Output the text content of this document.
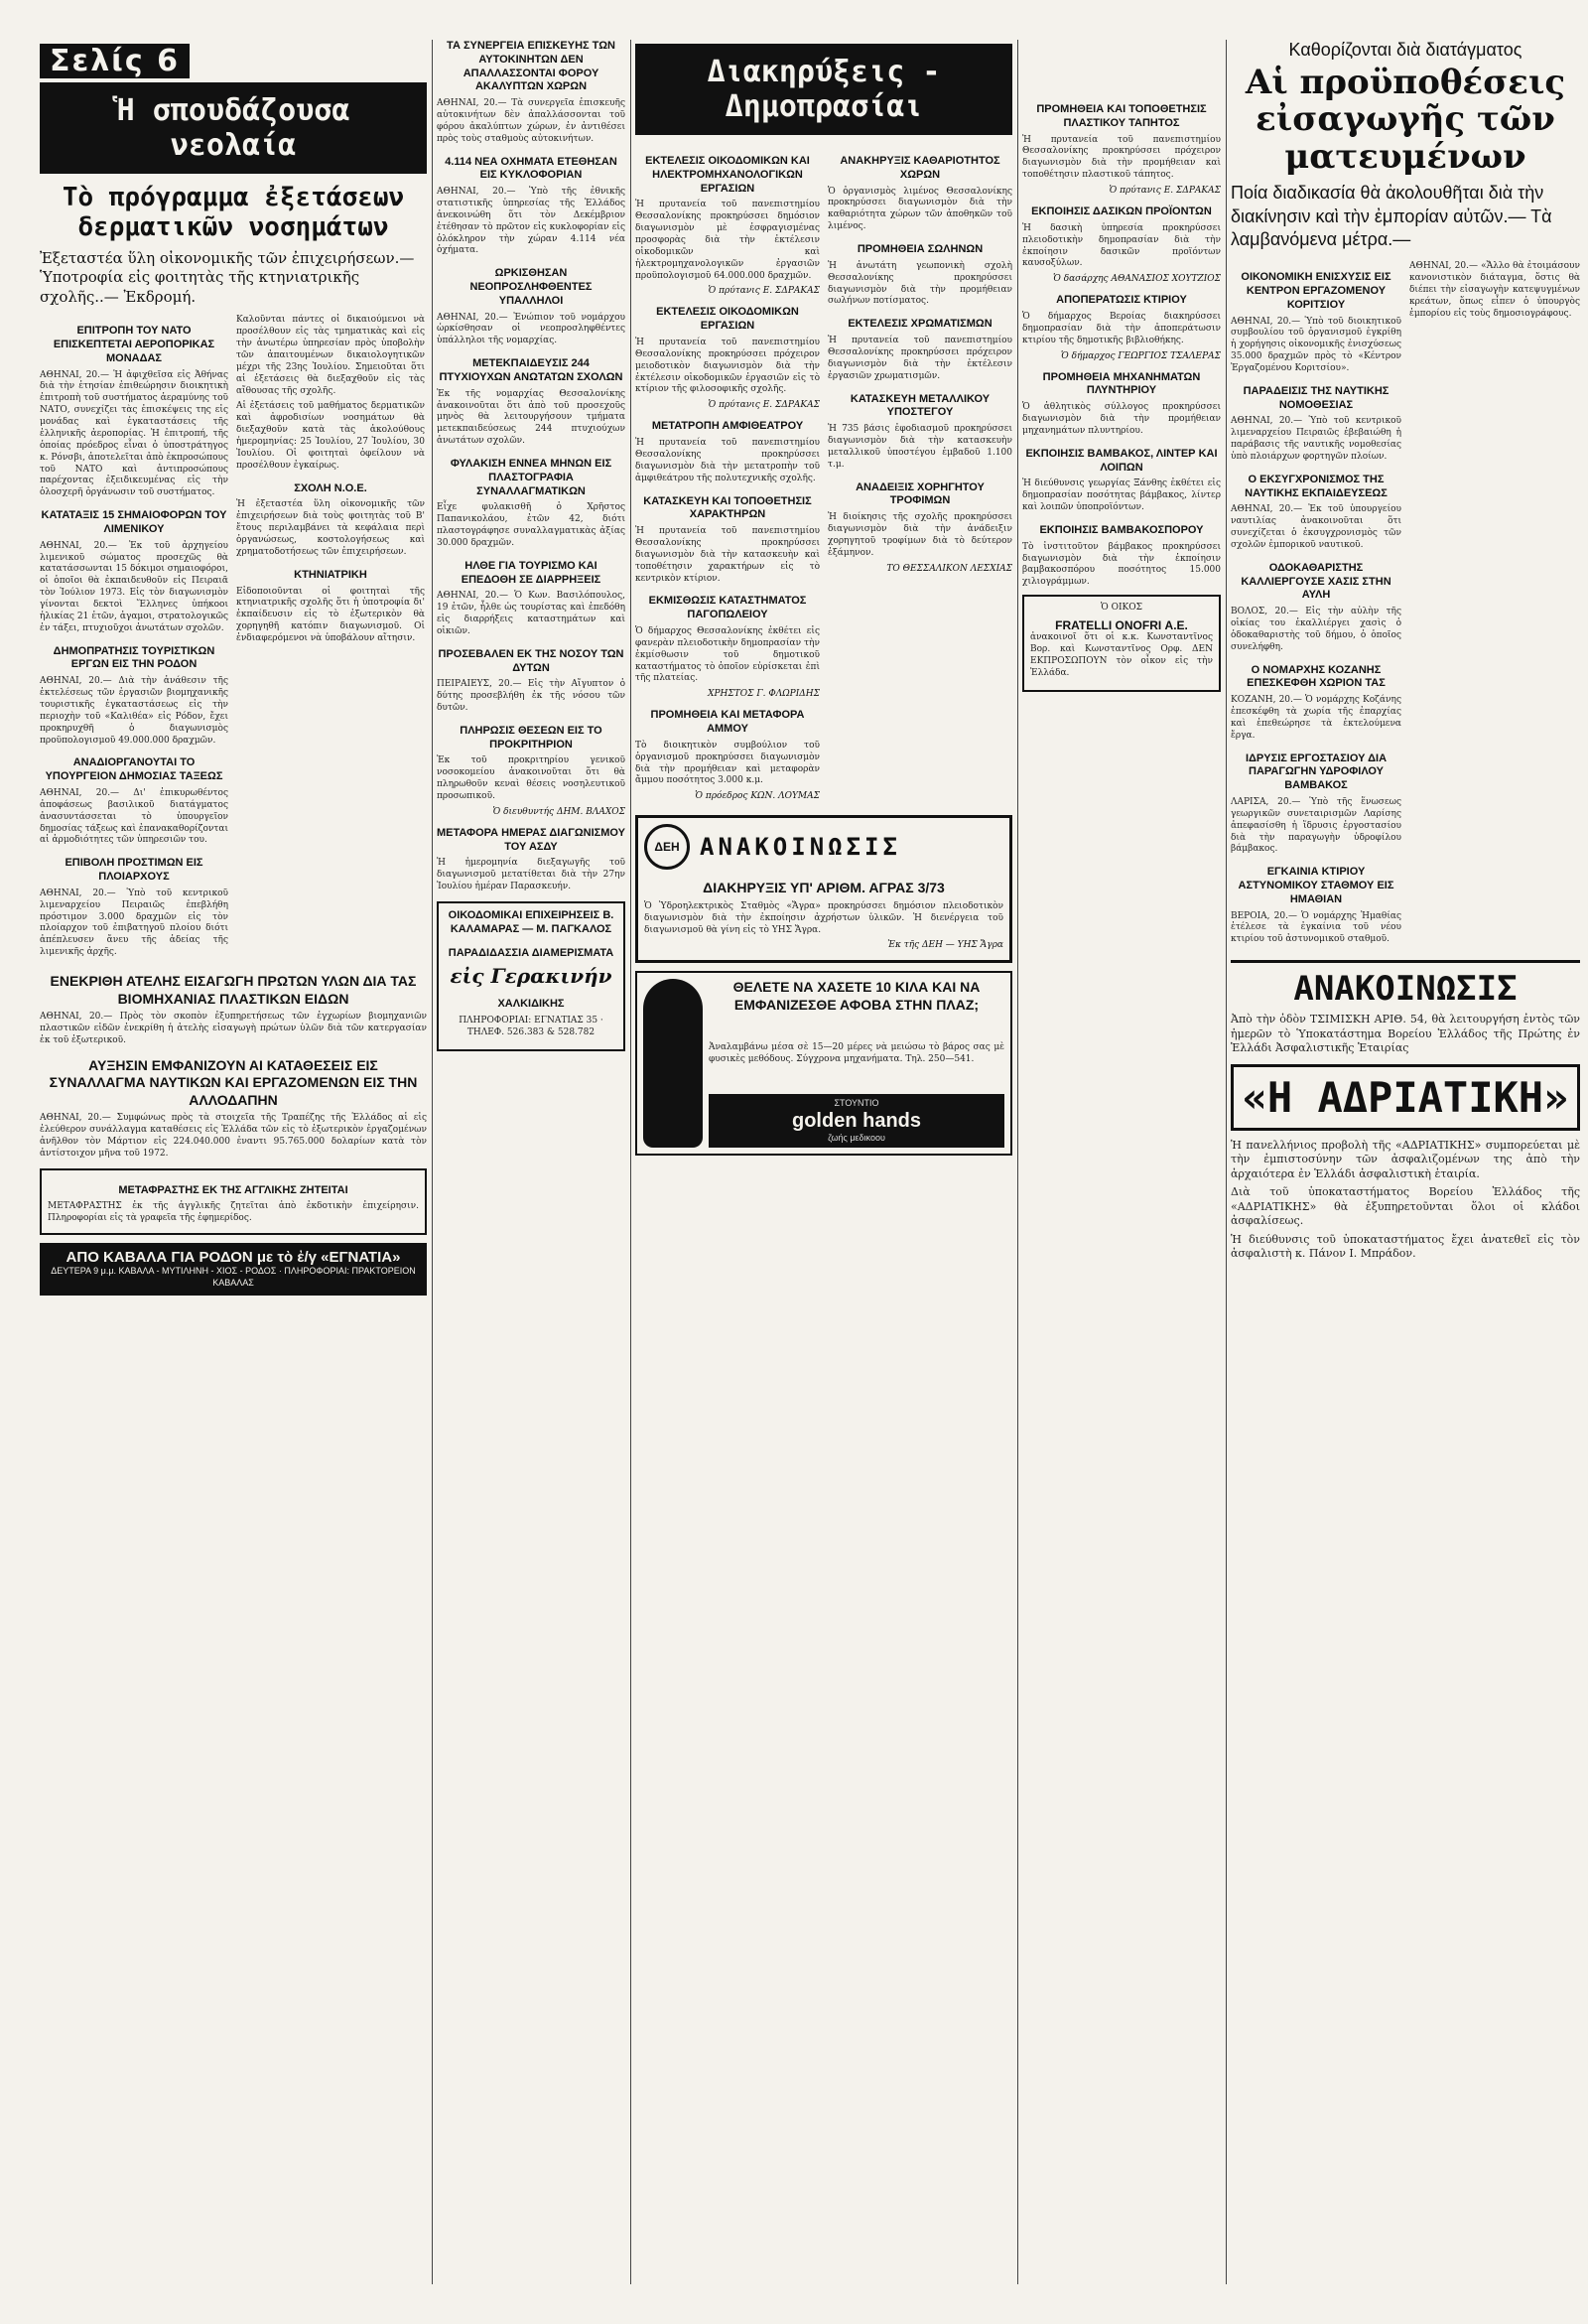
Σελίς 6
Ἡ σπουδάζουσα νεολαία
Τὸ πρόγραμμα ἐξετάσεων δερματικῶν νοσημάτων
Ἐξεταστέα ὕλη οἰκονομικῆς τῶν ἐπιχειρήσεων.— Ὑποτροφία εἰς φοιτητὰς τῆς κτηνιατρικῆς σχολῆς..— Ἐκδρομή.
ΕΠΙΤΡΟΠΗ ΤΟΥ ΝΑΤΟ ΕΠΙΣΚΕΠΤΕΤΑΙ ΑΕΡΟΠΟΡΙΚΑΣ ΜΟΝΑΔΑΣ
ΑΘΗΝΑΙ, 20.— Ἡ ἀφιχθεῖσα εἰς Ἀθήνας διὰ τὴν ἐτησίαν ἐπιθεώρησιν διοικητικὴ ἐπιτροπὴ τοῦ συστήματος ἀεραμύνης τοῦ ΝΑΤΟ, συνεχίζει τὰς ἐπισκέψεις της εἰς μονάδας καὶ ἐγκαταστάσεις τῆς ἑλληνικῆς ἀεροπορίας. Ἡ ἐπιτροπή, τῆς ὁποίας πρόεδρος εἶναι ὁ ὑποστράτηγος κ. Ρόνσβι, ἀποτελεῖται ἀπὸ ἐκπροσώπους τοῦ ΝΑΤΟ καὶ ἀντιπροσώπους παρέχοντας ἐξειδικευμένας εἰς τὴν ὁλοσχερῆ ὀργάνωσιν τοῦ συστήματος.
ΚΑΤΑΤΑΞΙΣ 15 ΣΗΜΑΙΟΦΟΡΩΝ ΤΟΥ ΛΙΜΕΝΙΚΟΥ
ΑΘΗΝΑΙ, 20.— Ἐκ τοῦ ἀρχηγείου λιμενικοῦ σώματος προσεχῶς θὰ κατατάσσωνται 15 δόκιμοι σημαιοφόροι, οἱ ὁποῖοι θὰ ἐκπαιδευθοῦν εἰς Πειραιᾶ τὸν Ἰούλιον 1973. Εἰς τὸν διαγωνισμὸν γίνονται δεκτοὶ Ἕλληνες ὑπήκοοι ἡλικίας 21 ἐτῶν, ἀγαμοι, στρατολογικῶς ἐν τάξει, πτυχιοῦχοι ἀνωτάτων σχολῶν.
ΔΗΜΟΠΡΑΤΗΣΙΣ ΤΟΥΡΙΣΤΙΚΩΝ ΕΡΓΩΝ ΕΙΣ ΤΗΝ ΡΟΔΟΝ
ΑΘΗΝΑΙ, 20.— Διὰ τὴν ἀνάθεσιν τῆς ἐκτελέσεως τῶν ἐργασιῶν βιομηχανικῆς τουριστικῆς ἐγκαταστάσεως εἰς τὴν περιοχὴν τοῦ «Καλιθέα» εἰς Ρόδον, ἔχει προκηρυχθῆ ὁ διαγωνισμὸς προϋπολογισμοῦ 49.000.000 δραχμῶν.
ΑΝΑΔΙΟΡΓΑΝΟΥΤΑΙ ΤΟ ΥΠΟΥΡΓΕΙΟΝ ΔΗΜΟΣΙΑΣ ΤΑΞΕΩΣ
ΑΘΗΝΑΙ, 20.— Δι' ἐπικυρωθέντος ἀποφάσεως βασιλικοῦ διατάγματος ἀνασυντάσσεται τὸ ὑπουργεῖον δημοσίας τάξεως καὶ ἐπανακαθορίζονται αἱ ἁρμοδιότητες τῶν ὑπηρεσιῶν του.
ΕΠΙΒΟΛΗ ΠΡΟΣΤΙΜΩΝ ΕΙΣ ΠΛΟΙΑΡΧΟΥΣ
ΑΘΗΝΑΙ, 20.— Ὑπὸ τοῦ κεντρικοῦ λιμεναρχείου Πειραιῶς ἐπεβλήθη πρόστιμον 3.000 δραχμῶν εἰς τὸν πλοίαρχον τοῦ ἐπιβατηγοῦ πλοίου διότι ἀπέπλευσεν ἄνευ τῆς ἀδείας τῆς λιμενικῆς ἀρχῆς.
Καλοῦνται πάντες οἱ δικαιούμενοι νὰ προσέλθουν εἰς τὰς τμηματικὰς καὶ εἰς τὴν ἀνωτέρω ὑπηρεσίαν πρὸς ὑποβολὴν τῶν ἀπαιτουμένων δικαιολογητικῶν μέχρι τῆς 23ης Ἰουλίου. Σημειοῦται ὅτι αἱ ἐξετάσεις θὰ διεξαχθοῦν εἰς τὰς αἴθουσας τῆς σχολῆς.
Αἱ ἐξετάσεις τοῦ μαθήματος δερματικῶν καὶ ἀφροδισίων νοσημάτων θὰ διεξαχθοῦν κατὰ τὰς ἀκολούθους ἡμερομηνίας: 25 Ἰουλίου, 27 Ἰουλίου, 30 Ἰουλίου. Οἱ φοιτηταὶ ὀφείλουν νὰ προσέλθουν ἐγκαίρως.
ΣΧΟΛΗ Ν.Ο.Ε.
Ἡ ἐξεταστέα ὕλη οἰκονομικῆς τῶν ἐπιχειρήσεων διὰ τοὺς φοιτητὰς τοῦ Β' ἔτους περιλαμβάνει τὰ κεφάλαια περὶ ὀργανώσεως, κοστολογήσεως καὶ χρηματοδοτήσεως τῶν ἐπιχειρήσεων.
ΚΤΗΝΙΑΤΡΙΚΗ
Εἰδοποιοῦνται οἱ φοιτηταὶ τῆς κτηνιατρικῆς σχολῆς ὅτι ἡ ὑποτροφία δι' ἐκπαίδευσιν εἰς τὸ ἐξωτερικὸν θὰ χορηγηθῆ κατόπιν διαγωνισμοῦ. Οἱ ἐνδιαφερόμενοι νὰ ὑποβάλουν αἴτησιν.
ΕΝΕΚΡΙΘΗ ΑΤΕΛΗΣ ΕΙΣΑΓΩΓΗ ΠΡΩΤΩΝ ΥΛΩΝ ΔΙΑ ΤΑΣ ΒΙΟΜΗΧΑΝΙΑΣ ΠΛΑΣΤΙΚΩΝ ΕΙΔΩΝ
ΑΘΗΝΑΙ, 20.— Πρὸς τὸν σκοπὸν ἐξυπηρετήσεως τῶν ἐγχωρίων βιομηχανιῶν πλαστικῶν εἰδῶν ἐνεκρίθη ἡ ἀτελὴς εἰσαγωγὴ πρώτων ὑλῶν διὰ τῶν κατεργασίαν ἐκ τοῦ ἐξωτερικοῦ.
ΑΥΞΗΣΙΝ ΕΜΦΑΝΙΖΟΥΝ ΑΙ ΚΑΤΑΘΕΣΕΙΣ ΕΙΣ ΣΥΝΑΛΛΑΓΜΑ ΝΑΥΤΙΚΩΝ ΚΑΙ ΕΡΓΑΖΟΜΕΝΩΝ ΕΙΣ ΤΗΝ ΑΛΛΟΔΑΠΗΝ
ΑΘΗΝΑΙ, 20.— Συμφώνως πρὸς τὰ στοιχεῖα τῆς Τραπέζης τῆς Ἑλλάδος αἱ εἰς ἐλεύθερον συνάλλαγμα καταθέσεις εἰς Ἑλλάδα τῶν εἰς τὸ ἐξωτερικὸν ἐργαζομένων ἀνῆλθον τὸν Μάρτιον εἰς 224.040.000 ἐναντι 95.765.000 δολαρίων κατὰ τὸν ἀντίστοιχον μῆνα τοῦ 1972.
ΜΕΤΑΦΡΑΣΤΗΣ ΕΚ ΤΗΣ ΑΓΓΛΙΚΗΣ ΖΗΤΕΙΤΑΙ
ΜΕΤΑΦΡΑΣΤΗΣ ἐκ τῆς ἀγγλικῆς ζητεῖται ἀπὸ ἐκδοτικὴν ἐπιχείρησιν. Πληροφορίαι εἰς τὰ γραφεῖα τῆς ἐφημερίδος.
ΑΠΟ ΚΑΒΑΛΑ ΓΙΑ ΡΟΔΟΝ με τὸ ἐ/γ «ΕΓΝΑΤΙΑ»
ΔΕΥΤΕΡΑ 9 μ.μ. ΚΑΒΑΛΑ - ΜΥΤΙΛΗΝΗ - ΧΙΟΣ - ΡΟΔΟΣ · ΠΛΗΡΟΦΟΡΙΑΙ: ΠΡΑΚΤΟΡΕΙΟΝ ΚΑΒΑΛΑΣ
ΤΑ ΣΥΝΕΡΓΕΙΑ ΕΠΙΣΚΕΥΗΣ ΤΩΝ ΑΥΤΟΚΙΝΗΤΩΝ ΔΕΝ ΑΠΑΛΛΑΣΣΟΝΤΑΙ ΦΟΡΟΥ ΑΚΑΛΥΠΤΩΝ ΧΩΡΩΝ
ΑΘΗΝΑΙ, 20.— Τὰ συνεργεῖα ἐπισκευῆς αὐτοκινήτων δὲν ἀπαλλάσσονται τοῦ φόρου ἀκαλύπτων χώρων, ἐν ἀντιθέσει πρὸς τοὺς σταθμοὺς αὐτοκινήτων.
4.114 ΝΕΑ ΟΧΗΜΑΤΑ ΕΤΕΘΗΣΑΝ ΕΙΣ ΚΥΚΛΟΦΟΡΙΑΝ
ΑΘΗΝΑΙ, 20.— Ὑπὸ τῆς ἐθνικῆς στατιστικῆς ὑπηρεσίας τῆς Ἑλλάδος ἀνεκοινώθη ὅτι τὸν Δεκέμβριον ἐτέθησαν τὸ πρῶτον εἰς κυκλοφορίαν εἰς ὁλόκληρον τὴν χώραν 4.114 νέα ὀχήματα.
ΩΡΚΙΣΘΗΣΑΝ ΝΕΟΠΡΟΣΛΗΦΘΕΝΤΕΣ ΥΠΑΛΛΗΛΟΙ
ΑΘΗΝΑΙ, 20.— Ἐνώπιον τοῦ νομάρχου ὡρκίσθησαν οἱ νεοπροσληφθέντες ὑπάλληλοι τῆς νομαρχίας.
ΜΕΤΕΚΠΑΙΔΕΥΣΙΣ 244 ΠΤΥΧΙΟΥΧΩΝ ΑΝΩΤΑΤΩΝ ΣΧΟΛΩΝ
Ἐκ τῆς νομαρχίας Θεσσαλονίκης ἀνακοινοῦται ὅτι ἀπὸ τοῦ προσεχοῦς μηνὸς θὰ λειτουργήσουν τμήματα μετεκπαιδεύσεως 244 πτυχιούχων ἀνωτάτων σχολῶν.
ΦΥΛΑΚΙΣΗ ΕΝΝΕΑ ΜΗΝΩΝ ΕΙΣ ΠΛΑΣΤΟΓΡΑΦΙΑ ΣΥΝΑΛΛΑΓΜΑΤΙΚΩΝ
Εἶχε φυλακισθῆ ὁ Χρῆστος Παπανικολάου, ἐτῶν 42, διότι πλαστογράφησε συναλλαγματικὰς ἀξίας 30.000 δραχμῶν.
ΗΛΘΕ ΓΙΑ ΤΟΥΡΙΣΜΟ ΚΑΙ ΕΠΕΔΟΘΗ ΣΕ ΔΙΑΡΡΗΞΕΙΣ
ΑΘΗΝΑΙ, 20.— Ὁ Κων. Βασιλόπουλος, 19 ἐτῶν, ἦλθε ὡς τουρίστας καὶ ἐπεδόθη εἰς διαρρήξεις καταστημάτων καὶ οἰκιῶν.
ΠΡΟΣΕΒΑΛΕΝ ΕΚ ΤΗΣ ΝΟΣΟΥ ΤΩΝ ΔΥΤΩΝ
ΠΕΙΡΑΙΕΥΣ, 20.— Εἰς τὴν Αἴγυπτον ὁ δύτης προσεβλήθη ἐκ τῆς νόσου τῶν δυτῶν.
ΠΛΗΡΩΣΙΣ ΘΕΣΕΩΝ ΕΙΣ ΤΟ ΠΡΟΚΡΙΤΗΡΙΟΝ
Ἐκ τοῦ προκριτηρίου γενικοῦ νοσοκομείου ἀνακοινοῦται ὅτι θὰ πληρωθοῦν κεναὶ θέσεις νοσηλευτικοῦ προσωπικοῦ.
Ὁ διευθυντής ΔΗΜ. ΒΛΑΧΟΣ
ΜΕΤΑΦΟΡΑ ΗΜΕΡΑΣ ΔΙΑΓΩΝΙΣΜΟΥ ΤΟΥ ΑΣΔΥ
Ἡ ἡμερομηνία διεξαγωγῆς τοῦ διαγωνισμοῦ μετατίθεται διὰ τὴν 27ην Ἰουλίου ἡμέραν Παρασκευήν.
ΟΙΚΟΔΟΜΙΚΑΙ ΕΠΙΧΕΙΡΗΣΕΙΣ Β. ΚΑΛΑΜΑΡΑΣ — Μ. ΠΑΓΚΑΛΟΣ
ΠΑΡΑΔΙΔΑΣΣΙΑ ΔΙΑΜΕΡΙΣΜΑΤΑ
εἰς Γερακινήν
ΧΑΛΚΙΔΙΚΗΣ
ΠΛΗΡΟΦΟΡΙΑΙ: ΕΓΝΑΤΙΑΣ 35 · ΤΗΛΕΦ. 526.383 & 528.782
Διακηρύξεις - Δημοπρασίαι
ΕΚΤΕΛΕΣΙΣ ΟΙΚΟΔΟΜΙΚΩΝ ΚΑΙ ΗΛΕΚΤΡΟΜΗΧΑΝΟΛΟΓΙΚΩΝ ΕΡΓΑΣΙΩΝ
Ἡ πρυτανεία τοῦ πανεπιστημίου Θεσσαλονίκης προκηρύσσει δημόσιον διαγωνισμὸν μὲ ἐσφραγισμένας προσφορὰς διὰ τὴν ἐκτέλεσιν οἰκοδομικῶν καὶ ἠλεκτρομηχανολογικῶν ἐργασιῶν προϋπολογισμοῦ 64.000.000 δραχμῶν.
Ὁ πρύτανις Ε. ΣΔΡΑΚΑΣ
ΕΚΤΕΛΕΣΙΣ ΟΙΚΟΔΟΜΙΚΩΝ ΕΡΓΑΣΙΩΝ
Ἡ πρυτανεία τοῦ πανεπιστημίου Θεσσαλονίκης προκηρύσσει πρόχειρον μειοδοτικὸν διαγωνισμὸν διὰ τὴν ἐκτέλεσιν οἰκοδομικῶν ἐργασιῶν εἰς τὸ κτίριον τῆς φιλοσοφικῆς σχολῆς.
Ὁ πρύτανις Ε. ΣΔΡΑΚΑΣ
ΜΕΤΑΤΡΟΠΗ ΑΜΦΙΘΕΑΤΡΟΥ
Ἡ πρυτανεία τοῦ πανεπιστημίου Θεσσαλονίκης προκηρύσσει διαγωνισμὸν διὰ τὴν μετατροπὴν τοῦ ἀμφιθεάτρου τῆς πολυτεχνικῆς σχολῆς.
ΚΑΤΑΣΚΕΥΗ ΚΑΙ ΤΟΠΟΘΕΤΗΣΙΣ ΧΑΡΑΚΤΗΡΩΝ
Ἡ πρυτανεία τοῦ πανεπιστημίου Θεσσαλονίκης προκηρύσσει διαγωνισμὸν διὰ τὴν κατασκευὴν καὶ τοποθέτησιν χαρακτήρων εἰς τὸ κεντρικὸν κτίριον.
ΕΚΜΙΣΘΩΣΙΣ ΚΑΤΑΣΤΗΜΑΤΟΣ ΠΑΓΟΠΩΛΕΙΟΥ
Ὁ δήμαρχος Θεσσαλονίκης ἐκθέτει εἰς φανερὰν πλειοδοτικὴν δημοπρασίαν τὴν ἐκμίσθωσιν τοῦ δημοτικοῦ καταστήματος τὸ ὁποῖον εὑρίσκεται ἐπὶ τῆς πλατείας.
ΧΡΗΣΤΟΣ Γ. ΦΛΩΡΙΔΗΣ
ΠΡΟΜΗΘΕΙΑ ΚΑΙ ΜΕΤΑΦΟΡΑ ΑΜΜΟΥ
Τὸ διοικητικὸν συμβούλιον τοῦ ὀργανισμοῦ προκηρύσσει διαγωνισμὸν διὰ τὴν προμήθειαν καὶ μεταφορὰν ἄμμου ποσότητος 3.000 κ.μ.
Ὁ πρόεδρος ΚΩΝ. ΛΟΥΜΑΣ
ΑΝΑΚΗΡΥΞΙΣ ΚΑΘΑΡΙΟΤΗΤΟΣ ΧΩΡΩΝ
Ὁ ὀργανισμὸς λιμένος Θεσσαλονίκης προκηρύσσει διαγωνισμὸν διὰ τὴν καθαριότητα χώρων τῶν ἀποθηκῶν τοῦ λιμένος.
ΠΡΟΜΗΘΕΙΑ ΣΩΛΗΝΩΝ
Ἡ ἀνωτάτη γεωπονικὴ σχολὴ Θεσσαλονίκης προκηρύσσει διαγωνισμὸν διὰ τὴν προμήθειαν σωλήνων ποτίσματος.
ΕΚΤΕΛΕΣΙΣ ΧΡΩΜΑΤΙΣΜΩΝ
Ἡ πρυτανεία τοῦ πανεπιστημίου Θεσσαλονίκης προκηρύσσει πρόχειρον διαγωνισμὸν διὰ τὴν ἐκτέλεσιν ἐργασιῶν χρωματισμῶν.
ΚΑΤΑΣΚΕΥΗ ΜΕΤΑΛΛΙΚΟΥ ΥΠΟΣΤΕΓΟΥ
Ἡ 735 βάσις ἐφοδιασμοῦ προκηρύσσει διαγωνισμὸν διὰ τὴν κατασκευὴν μεταλλικοῦ ὑποστέγου ἐμβαδοῦ 1.100 τ.μ.
ΑΝΑΔΕΙΞΙΣ ΧΟΡΗΓΗΤΟΥ ΤΡΟΦΙΜΩΝ
Ἡ διοίκησις τῆς σχολῆς προκηρύσσει διαγωνισμὸν διὰ τὴν ἀνάδειξιν χορηγητοῦ τροφίμων διὰ τὸ δεύτερον ἑξάμηνον.
ΤΟ ΘΕΣΣΑΛΙΚΟΝ ΛΕΣΧΙΑΣ
ΔΕΗ ΑΝΑΚΟΙΝΩΣΙΣ
ΔΙΑΚΗΡΥΞΙΣ ΥΠ' ΑΡΙΘΜ. ΑΓΡΑΣ 3/73
Ὁ Ὑδροηλεκτρικὸς Σταθμὸς «Ἄγρα» προκηρύσσει δημόσιον πλειοδοτικὸν διαγωνισμὸν διὰ τὴν ἐκποίησιν ἀχρήστων ὑλικῶν. Ἡ διενέργεια τοῦ διαγωνισμοῦ θὰ γίνη εἰς τὸ ΥΗΣ Ἄγρα.
Ἐκ τῆς ΔΕΗ — ΥΗΣ Ἄγρα
ΘΕΛΕΤΕ ΝΑ ΧΑΣΕΤΕ 10 ΚΙΛΑ ΚΑΙ ΝΑ ΕΜΦΑΝΙΖΕΣΘΕ ΑΦΟΒΑ ΣΤΗΝ ΠΛΑΖ;
Ἀναλαμβάνω μέσα σὲ 15—20 μέρες νὰ μειώσω τὸ βάρος σας μὲ φυσικὲς μεθόδους. Σύγχρονα μηχανήματα. Τηλ. 250—541.
ΣΤΟΥΝΤΙΟ
golden hands
ζωής μεδικοου
ΠΡΟΜΗΘΕΙΑ ΚΑΙ ΤΟΠΟΘΕΤΗΣΙΣ ΠΛΑΣΤΙΚΟΥ ΤΑΠΗΤΟΣ
Ἡ πρυτανεία τοῦ πανεπιστημίου Θεσσαλονίκης προκηρύσσει πρόχειρον διαγωνισμὸν διὰ τὴν προμήθειαν καὶ τοποθέτησιν πλαστικοῦ τάπητος.
Ὁ πρύτανις Ε. ΣΔΡΑΚΑΣ
ΕΚΠΟΙΗΣΙΣ ΔΑΣΙΚΩΝ ΠΡΟΪΟΝΤΩΝ
Ἡ δασικὴ ὑπηρεσία προκηρύσσει πλειοδοτικὴν δημοπρασίαν διὰ τὴν ἐκποίησιν δασικῶν προϊόντων καυσοξύλων.
Ὁ δασάρχης ΑΘΑΝΑΣΙΟΣ ΧΟΥΤΖΙΟΣ
ΑΠΟΠΕΡΑΤΩΣΙΣ ΚΤΙΡΙΟΥ
Ὁ δήμαρχος Βεροίας διακηρύσσει δημοπρασίαν διὰ τὴν ἀποπεράτωσιν κτιρίου τῆς δημοτικῆς βιβλιοθήκης.
Ὁ δήμαρχος ΓΕΩΡΓΙΟΣ ΤΣΑΛΕΡΑΣ
ΠΡΟΜΗΘΕΙΑ ΜΗΧΑΝΗΜΑΤΩΝ ΠΛΥΝΤΗΡΙΟΥ
Ὁ ἀθλητικὸς σύλλογος προκηρύσσει διαγωνισμὸν διὰ τὴν προμήθειαν μηχανημάτων πλυντηρίου.
ΕΚΠΟΙΗΣΙΣ ΒΑΜΒΑΚΟΣ, ΛΙΝΤΕΡ ΚΑΙ ΛΟΙΠΩΝ
Ἡ διεύθυνσις γεωργίας Ξάνθης ἐκθέτει εἰς δημοπρασίαν ποσότητας βάμβακος, λίντερ καὶ λοιπῶν ὑποπροϊόντων.
ΕΚΠΟΙΗΣΙΣ ΒΑΜΒΑΚΟΣΠΟΡΟΥ
Τὸ ἰνστιτοῦτον βάμβακος προκηρύσσει διαγωνισμὸν διὰ τὴν ἐκποίησιν βαμβακοσπόρου ποσότητος 15.000 χιλιογράμμων.
Ὁ ΟΙΚΟΣ
FRATELLI ONOFRI Α.Ε.
ἀνακοινοῖ ὅτι οἱ κ.κ. Κωνσταντῖνος Βορ. καὶ Κωνσταντῖνος Ορφ. ΔΕΝ ΕΚΠΡΟΣΩΠΟΥΝ τὸν οἶκον εἰς τὴν Ἑλλάδα.
Καθορίζονται διὰ διατάγματος
Αἱ προϋποθέσεις εἰσαγωγῆς τῶν ματευμένων
Ποία διαδικασία θὰ ἀκολουθῆται διὰ τὴν διακίνησιν καὶ τὴν ἐμπορίαν αὐτῶν.— Τὰ λαμβανόμενα μέτρα.—
ΟΙΚΟΝΟΜΙΚΗ ΕΝΙΣΧΥΣΙΣ ΕΙΣ ΚΕΝΤΡΟΝ ΕΡΓΑΖΟΜΕΝΟΥ ΚΟΡΙΤΣΙΟΥ
ΑΘΗΝΑΙ, 20.— Ὑπὸ τοῦ διοικητικοῦ συμβουλίου τοῦ ὀργανισμοῦ ἐγκρίθη ἡ χορήγησις οἰκονομικῆς ἐνισχύσεως 35.000 δραχμῶν πρὸς τὸ «Κέντρον Ἐργαζομένου Κοριτσίου».
ΠΑΡΑΔΕΙΣΙΣ ΤΗΣ ΝΑΥΤΙΚΗΣ ΝΟΜΟΘΕΣΙΑΣ
ΑΘΗΝΑΙ, 20.— Ὑπὸ τοῦ κεντρικοῦ λιμεναρχείου Πειραιῶς ἐβεβαιώθη ἡ παράβασις τῆς ναυτικῆς νομοθεσίας ὑπὸ πλοιάρχων φορτηγῶν πλοίων.
Ο ΕΚΣΥΓΧΡΟΝΙΣΜΟΣ ΤΗΣ ΝΑΥΤΙΚΗΣ ΕΚΠΑΙΔΕΥΣΕΩΣ
ΑΘΗΝΑΙ, 20.— Ἐκ τοῦ ὑπουργείου ναυτιλίας ἀνακοινοῦται ὅτι συνεχίζεται ὁ ἐκσυγχρονισμὸς τῶν σχολῶν ἐμπορικοῦ ναυτικοῦ.
ΟΔΟΚΑΘΑΡΙΣΤΗΣ ΚΑΛΛΙΕΡΓΟΥΣΕ ΧΑΣΙΣ ΣΤΗΝ ΑΥΛΗ
ΒΟΛΟΣ, 20.— Εἰς τὴν αὐλὴν τῆς οἰκίας του ἐκαλλιέργει χασὶς ὁ ὁδοκαθαριστὴς τοῦ δήμου, ὁ ὁποῖος συνελήφθη.
Ο ΝΟΜΑΡΧΗΣ ΚΟΖΑΝΗΣ ΕΠΕΣΚΕΦΘΗ ΧΩΡΙΟΝ ΤΑΣ
ΚΟΖΑΝΗ, 20.— Ὁ νομάρχης Κοζάνης ἐπεσκέφθη τὰ χωρία τῆς ἐπαρχίας καὶ ἐπεθεώρησε τὰ ἐκτελούμενα ἔργα.
ΙΔΡΥΣΙΣ ΕΡΓΟΣΤΑΣΙΟΥ ΔΙΑ ΠΑΡΑΓΩΓΗΝ ΥΔΡΟΦΙΛΟΥ ΒΑΜΒΑΚΟΣ
ΛΑΡΙΣΑ, 20.— Ὑπὸ τῆς ἕνωσεως γεωργικῶν συνεταιρισμῶν Λαρίσης ἀπεφασίσθη ἡ ἵδρυσις ἐργοστασίου διὰ τὴν παραγωγὴν ὑδροφίλου βάμβακος.
ΕΓΚΑΙΝΙΑ ΚΤΙΡΙΟΥ ΑΣΤΥΝΟΜΙΚΟΥ ΣΤΑΘΜΟΥ ΕΙΣ ΗΜΑΘΙΑΝ
ΒΕΡΟΙΑ, 20.— Ὁ νομάρχης Ἠμαθίας ἐτέλεσε τὰ ἐγκαίνια τοῦ νέου κτιρίου τοῦ ἀστυνομικοῦ σταθμοῦ.
ΑΘΗΝΑΙ, 20.— «Ἄλλο θὰ ἐτοιμάσουν κανονιστικὸν διάταγμα, ὅστις θὰ διέπει τὴν εἰσαγωγὴν κατεψυγμένων κρεάτων, ὅπως εἶπεν ὁ ὑπουργὸς ἐμπορίου εἰς τοὺς δημοσιογράφους.
ΑΝΑΚΟΙΝΩΣΙΣ
Ἀπὸ τὴν ὁδὸν ΤΣΙΜΙΣΚΗ ΑΡΙΘ. 54, θὰ λειτουργήση ἐντὸς τῶν ἡμερῶν τὸ Ὑποκατάστημα Βορείου Ἑλλάδος τῆς Πρώτης ἐν Ἑλλάδι Ἀσφαλιστικῆς Ἑταιρίας
«Η ΑΔΡΙΑΤΙΚΗ»
Ἡ πανελλήνιος προβολὴ τῆς «ΑΔΡΙΑΤΙΚΗΣ» συμπορεύεται μὲ τὴν ἐμπιστοσύνην τῶν ἀσφαλιζομένων της ἀπὸ τὴν ἀρχαιότερα ἐν Ἑλλάδι ἀσφαλιστικὴ ἑταιρία.
Διὰ τοῦ ὑποκαταστήματος Βορείου Ἑλλάδος τῆς «ΑΔΡΙΑΤΙΚΗΣ» θὰ ἐξυπηρετοῦνται ὅλοι οἱ κλάδοι ἀσφαλίσεως.
Ἡ διεύθυνσις τοῦ ὑποκαταστήματος ἔχει ἀνατεθεῖ εἰς τὸν ἀσφαλιστὴ κ. Πάνον Ι. Μπράδον.
